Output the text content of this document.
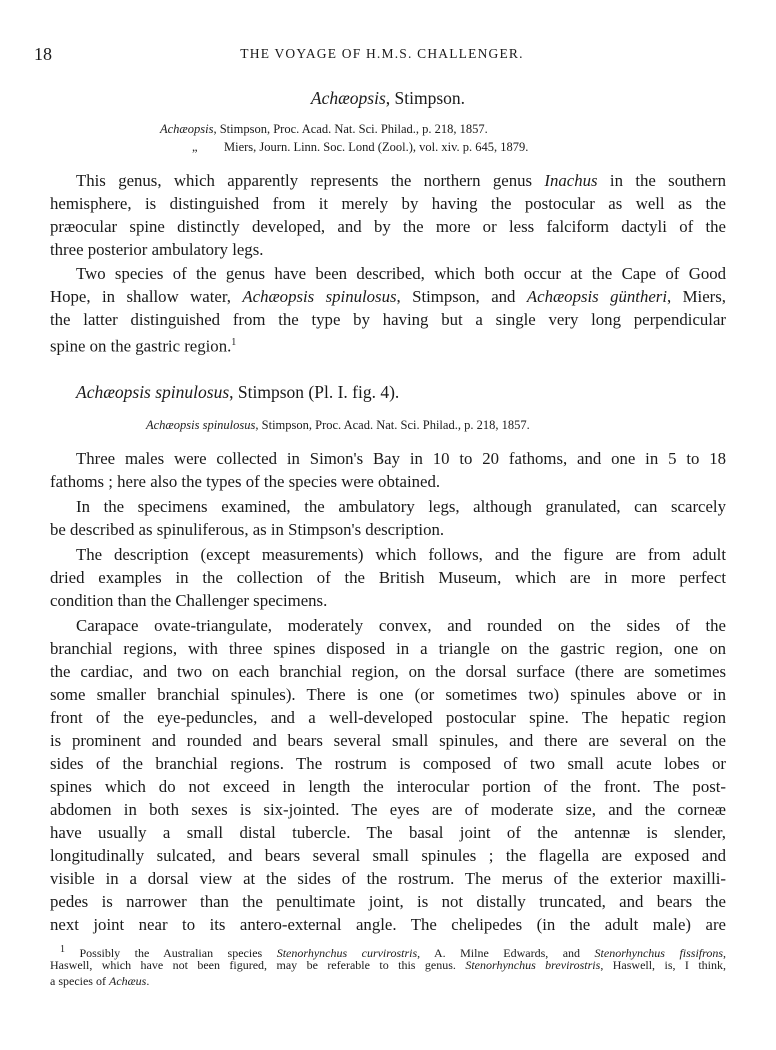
18	THE VOYAGE OF H.M.S. CHALLENGER.
Achæopsis, Stimpson.
Achæopsis, Stimpson, Proc. Acad. Nat. Sci. Philad., p. 218, 1857.
„ Miers, Journ. Linn. Soc. Lond (Zool.), vol. xiv. p. 645, 1879.
This genus, which apparently represents the northern genus Inachus in the southern
hemisphere, is distinguished from it merely by having the postocular as well as the
præocular spine distinctly developed, and by the more or less falciform dactyli of the
three posterior ambulatory legs.
Two species of the genus have been described, which both occur at the Cape of Good
Hope, in shallow water, Achæopsis spinulosus, Stimpson, and Achæopsis güntheri, Miers,
the latter distinguished from the type by having but a single very long perpendicular
spine on the gastric region.$^1$
Achæopsis spinulosus, Stimpson (Pl. I. fig. 4).
Achæopsis spinulosus, Stimpson, Proc. Acad. Nat. Sci. Philad., p. 218, 1857.
Three males were collected in Simon's Bay in 10 to 20 fathoms, and one in 5 to 18
fathoms ; here also the types of the species were obtained.
In the specimens examined, the ambulatory legs, although granulated, can scarcely
be described as spinuliferous, as in Stimpson's description.
The description (except measurements) which follows, and the figure are from adult
dried examples in the collection of the British Museum, which are in more perfect
condition than the Challenger specimens.
Carapace ovate-triangulate, moderately convex, and rounded on the sides of the
branchial regions, with three spines disposed in a triangle on the gastric region, one on
the cardiac, and two on each branchial region, on the dorsal surface (there are sometimes
some smaller branchial spinules). There is one (or sometimes two) spinules above or in
front of the eye-peduncles, and a well-developed postocular spine. The hepatic region
is prominent and rounded and bears several small spinules, and there are several on the
sides of the branchial regions. The rostrum is composed of two small acute lobes or
spines which do not exceed in length the interocular portion of the front. The post-
abdomen in both sexes is six-jointed. The eyes are of moderate size, and the corneæ
have usually a small distal tubercle. The basal joint of the antennæ is slender,
longitudinally sulcated, and bears several small spinules ; the flagella are exposed and
visible in a dorsal view at the sides of the rostrum. The merus of the exterior maxilli-
pedes is narrower than the penultimate joint, is not distally truncated, and bears the
next joint near to its antero-external angle. The chelipedes (in the adult male) are
$^1$ Possibly the Australian species Stenorhynchus curvirostris, A. Milne Edwards, and Stenorhynchus fissifrons,
Haswell, which have not been figured, may be referable to this genus. Stenorhynchus brevirostris, Haswell, is, I think,
a species of Achæus.
